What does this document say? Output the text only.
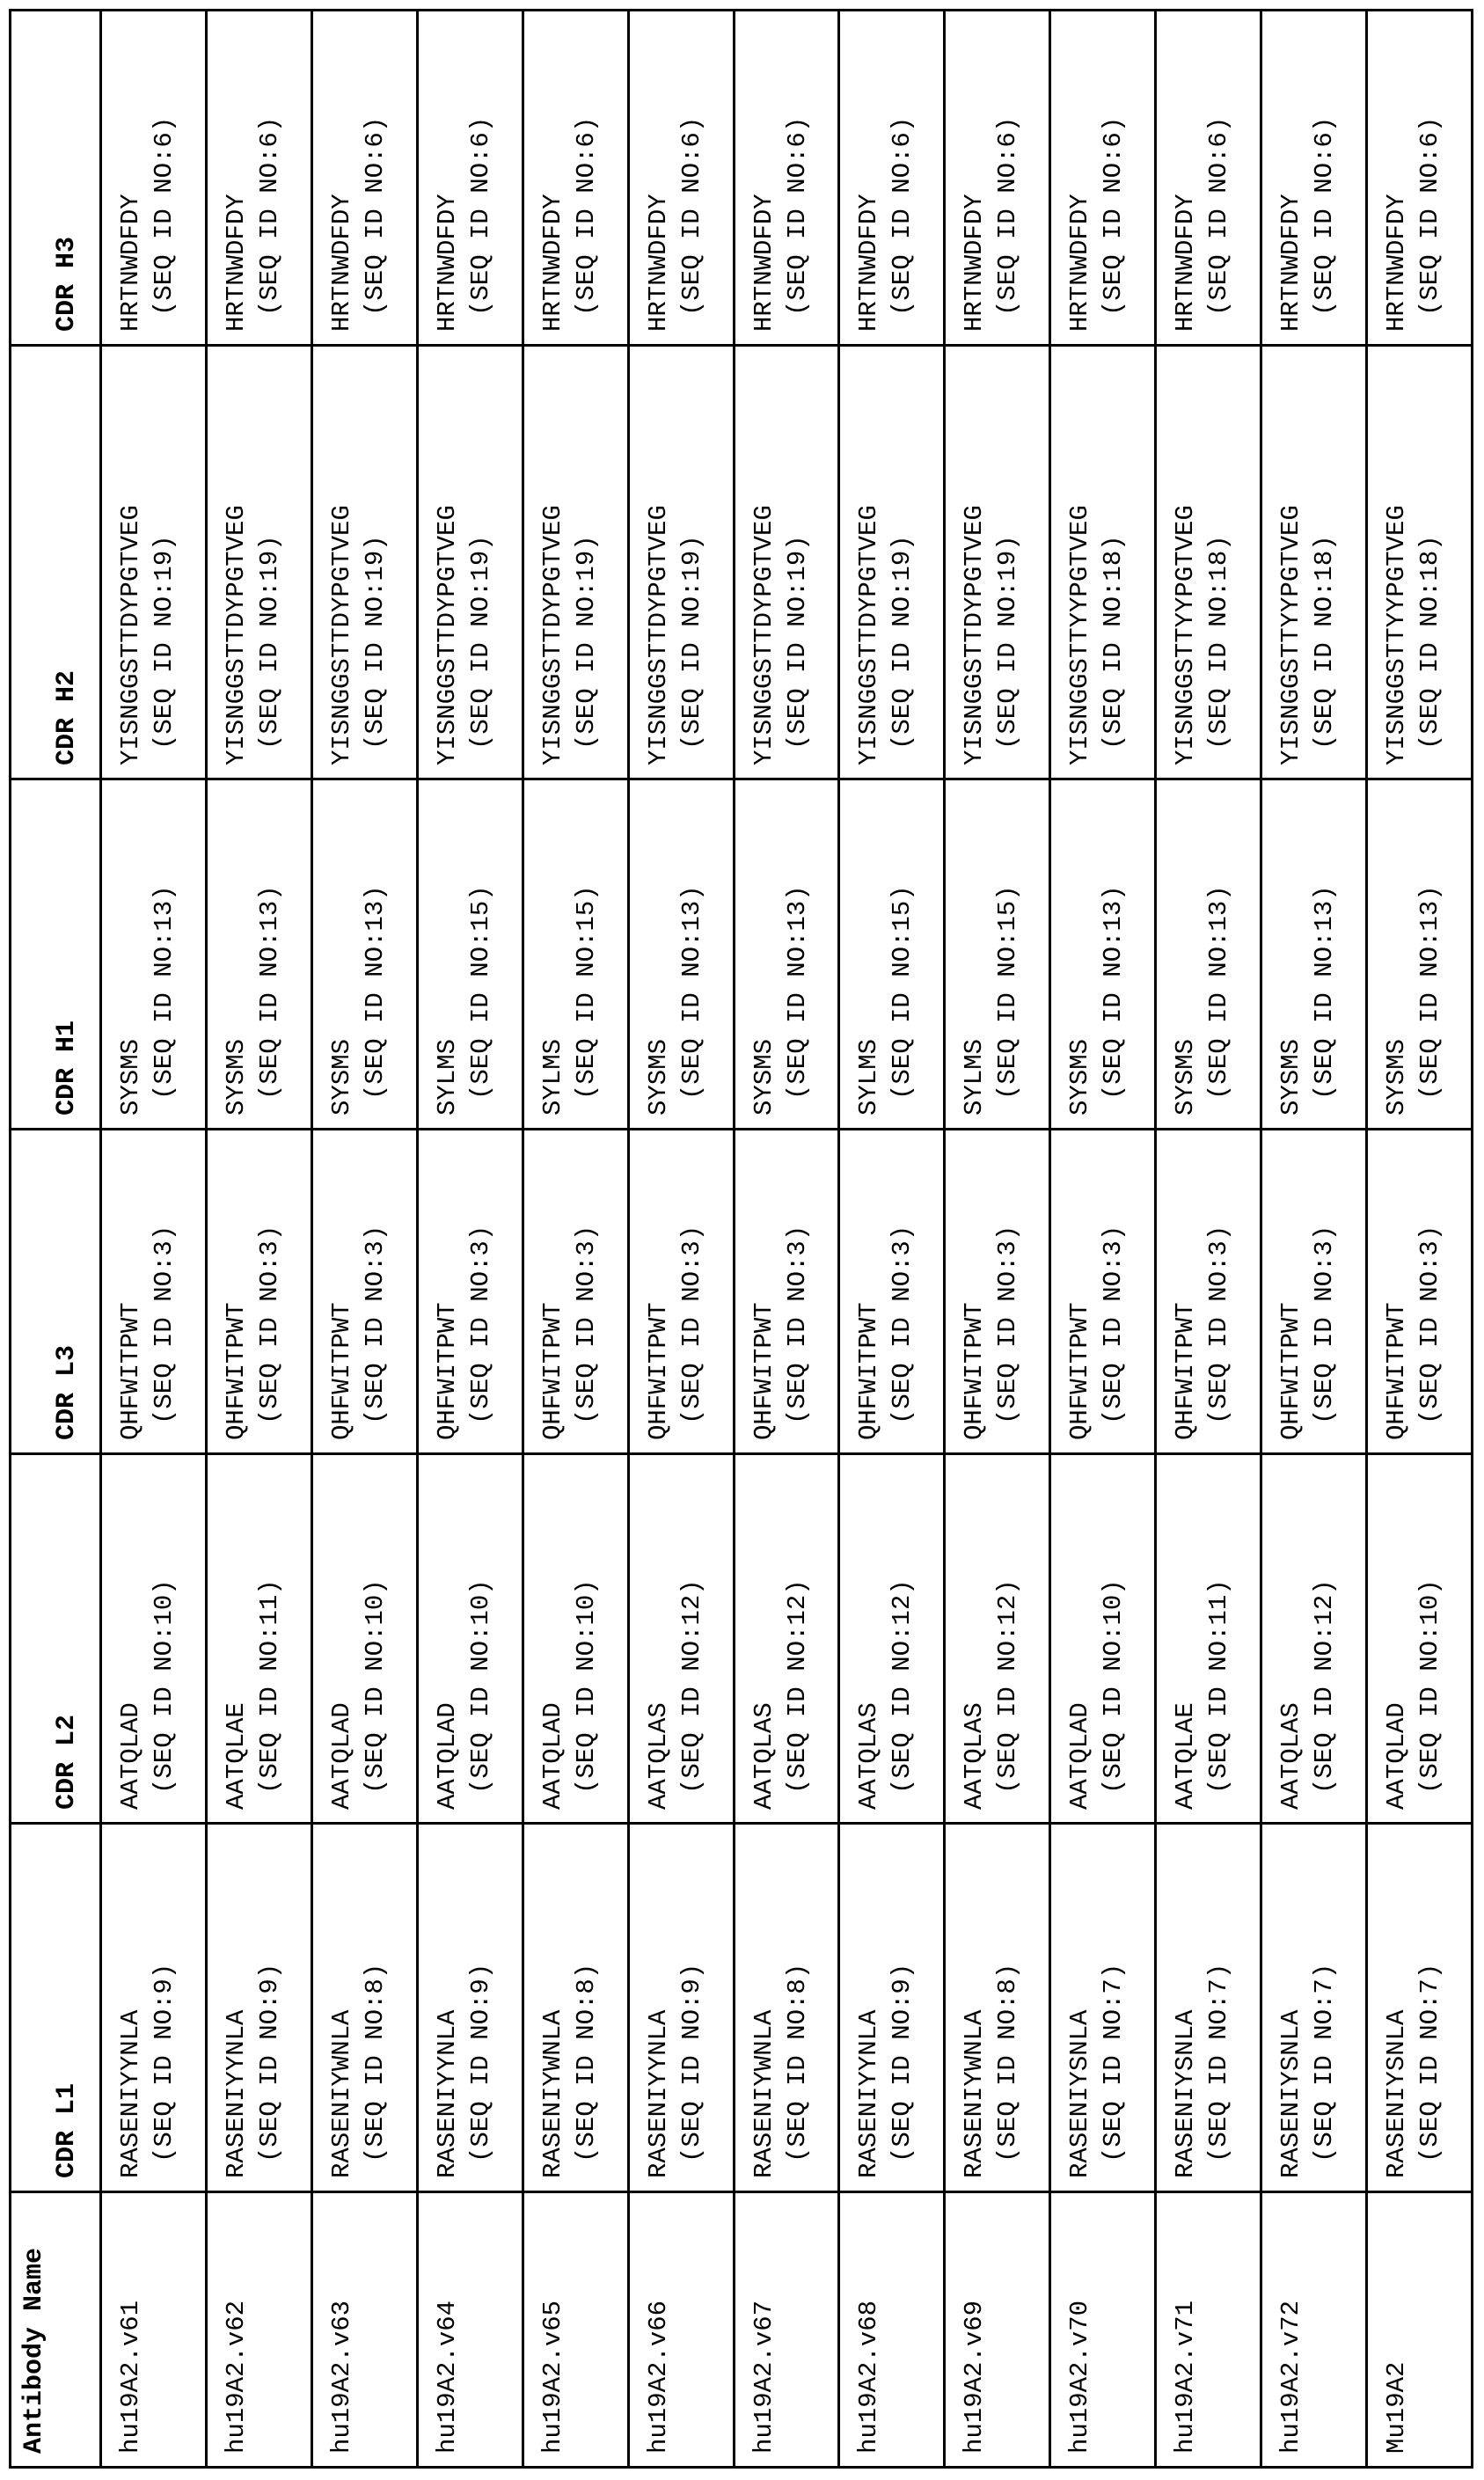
Antibody Name	CDR L1	CDR L2	CDR L3	CDR H1	CDR H2	CDR H3

hu19A2.v61	RASENIYYNLA (SEQ ID NO:9)	AATQLAD (SEQ ID NO:10)	QHFWITPWT (SEQ ID NO:3)	SYSMS (SEQ ID NO:13)	YISNGGSTTDYPGTVEG (SEQ ID NO:19)	HRTNWDFDY (SEQ ID NO:6)

hu19A2.v62	RASENIYYNLA (SEQ ID NO:9)	AATQLAE (SEQ ID NO:11)	QHFWITPWT (SEQ ID NO:3)	SYSMS (SEQ ID NO:13)	YISNGGSTTDYPGTVEG (SEQ ID NO:19)	HRTNWDFDY (SEQ ID NO:6)

hu19A2.v63	RASENIYWNLA (SEQ ID NO:8)	AATQLAD (SEQ ID NO:10)	QHFWITPWT (SEQ ID NO:3)	SYSMS (SEQ ID NO:13)	YISNGGSTTDYPGTVEG (SEQ ID NO:19)	HRTNWDFDY (SEQ ID NO:6)

hu19A2.v64	RASENIYYNLA (SEQ ID NO:9)	AATQLAD (SEQ ID NO:10)	QHFWITPWT (SEQ ID NO:3)	SYLMS (SEQ ID NO:15)	YISNGGSTTDYPGTVEG (SEQ ID NO:19)	HRTNWDFDY (SEQ ID NO:6)

hu19A2.v65	RASENIYWNLA (SEQ ID NO:8)	AATQLAD (SEQ ID NO:10)	QHFWITPWT (SEQ ID NO:3)	SYLMS (SEQ ID NO:15)	YISNGGSTTDYPGTVEG (SEQ ID NO:19)	HRTNWDFDY (SEQ ID NO:6)

hu19A2.v66	RASENIYYNLA (SEQ ID NO:9)	AATQLAS (SEQ ID NO:12)	QHFWITPWT (SEQ ID NO:3)	SYSMS (SEQ ID NO:13)	YISNGGSTTDYPGTVEG (SEQ ID NO:19)	HRTNWDFDY (SEQ ID NO:6)

hu19A2.v67	RASENIYWNLA (SEQ ID NO:8)	AATQLAS (SEQ ID NO:12)	QHFWITPWT (SEQ ID NO:3)	SYSMS (SEQ ID NO:13)	YISNGGSTTDYPGTVEG (SEQ ID NO:19)	HRTNWDFDY (SEQ ID NO:6)

hu19A2.v68	RASENIYYNLA (SEQ ID NO:9)	AATQLAS (SEQ ID NO:12)	QHFWITPWT (SEQ ID NO:3)	SYLMS (SEQ ID NO:15)	YISNGGSTTDYPGTVEG (SEQ ID NO:19)	HRTNWDFDY (SEQ ID NO:6)

hu19A2.v69	RASENIYWNLA (SEQ ID NO:8)	AATQLAS (SEQ ID NO:12)	QHFWITPWT (SEQ ID NO:3)	SYLMS (SEQ ID NO:15)	YISNGGSTTDYPGTVEG (SEQ ID NO:19)	HRTNWDFDY (SEQ ID NO:6)

hu19A2.v70	RASENIYSNLA (SEQ ID NO:7)	AATQLAD (SEQ ID NO:10)	QHFWITPWT (SEQ ID NO:3)	SYSMS (SEQ ID NO:13)	YISNGGSTTYYPGTVEG (SEQ ID NO:18)	HRTNWDFDY (SEQ ID NO:6)

hu19A2.v71	RASENIYSNLA (SEQ ID NO:7)	AATQLAE (SEQ ID NO:11)	QHFWITPWT (SEQ ID NO:3)	SYSMS (SEQ ID NO:13)	YISNGGSTTYYPGTVEG (SEQ ID NO:18)	HRTNWDFDY (SEQ ID NO:6)

hu19A2.v72	RASENIYSNLA (SEQ ID NO:7)	AATQLAS (SEQ ID NO:12)	QHFWITPWT (SEQ ID NO:3)	SYSMS (SEQ ID NO:13)	YISNGGSTTYYPGTVEG (SEQ ID NO:18)	HRTNWDFDY (SEQ ID NO:6)

Mu19A2	RASENIYSNLA (SEQ ID NO:7)	AATQLAD (SEQ ID NO:10)	QHFWITPWT (SEQ ID NO:3)	SYSMS (SEQ ID NO:13)	YISNGGSTTYYPGTVEG (SEQ ID NO:18)	HRTNWDFDY (SEQ ID NO:6)
